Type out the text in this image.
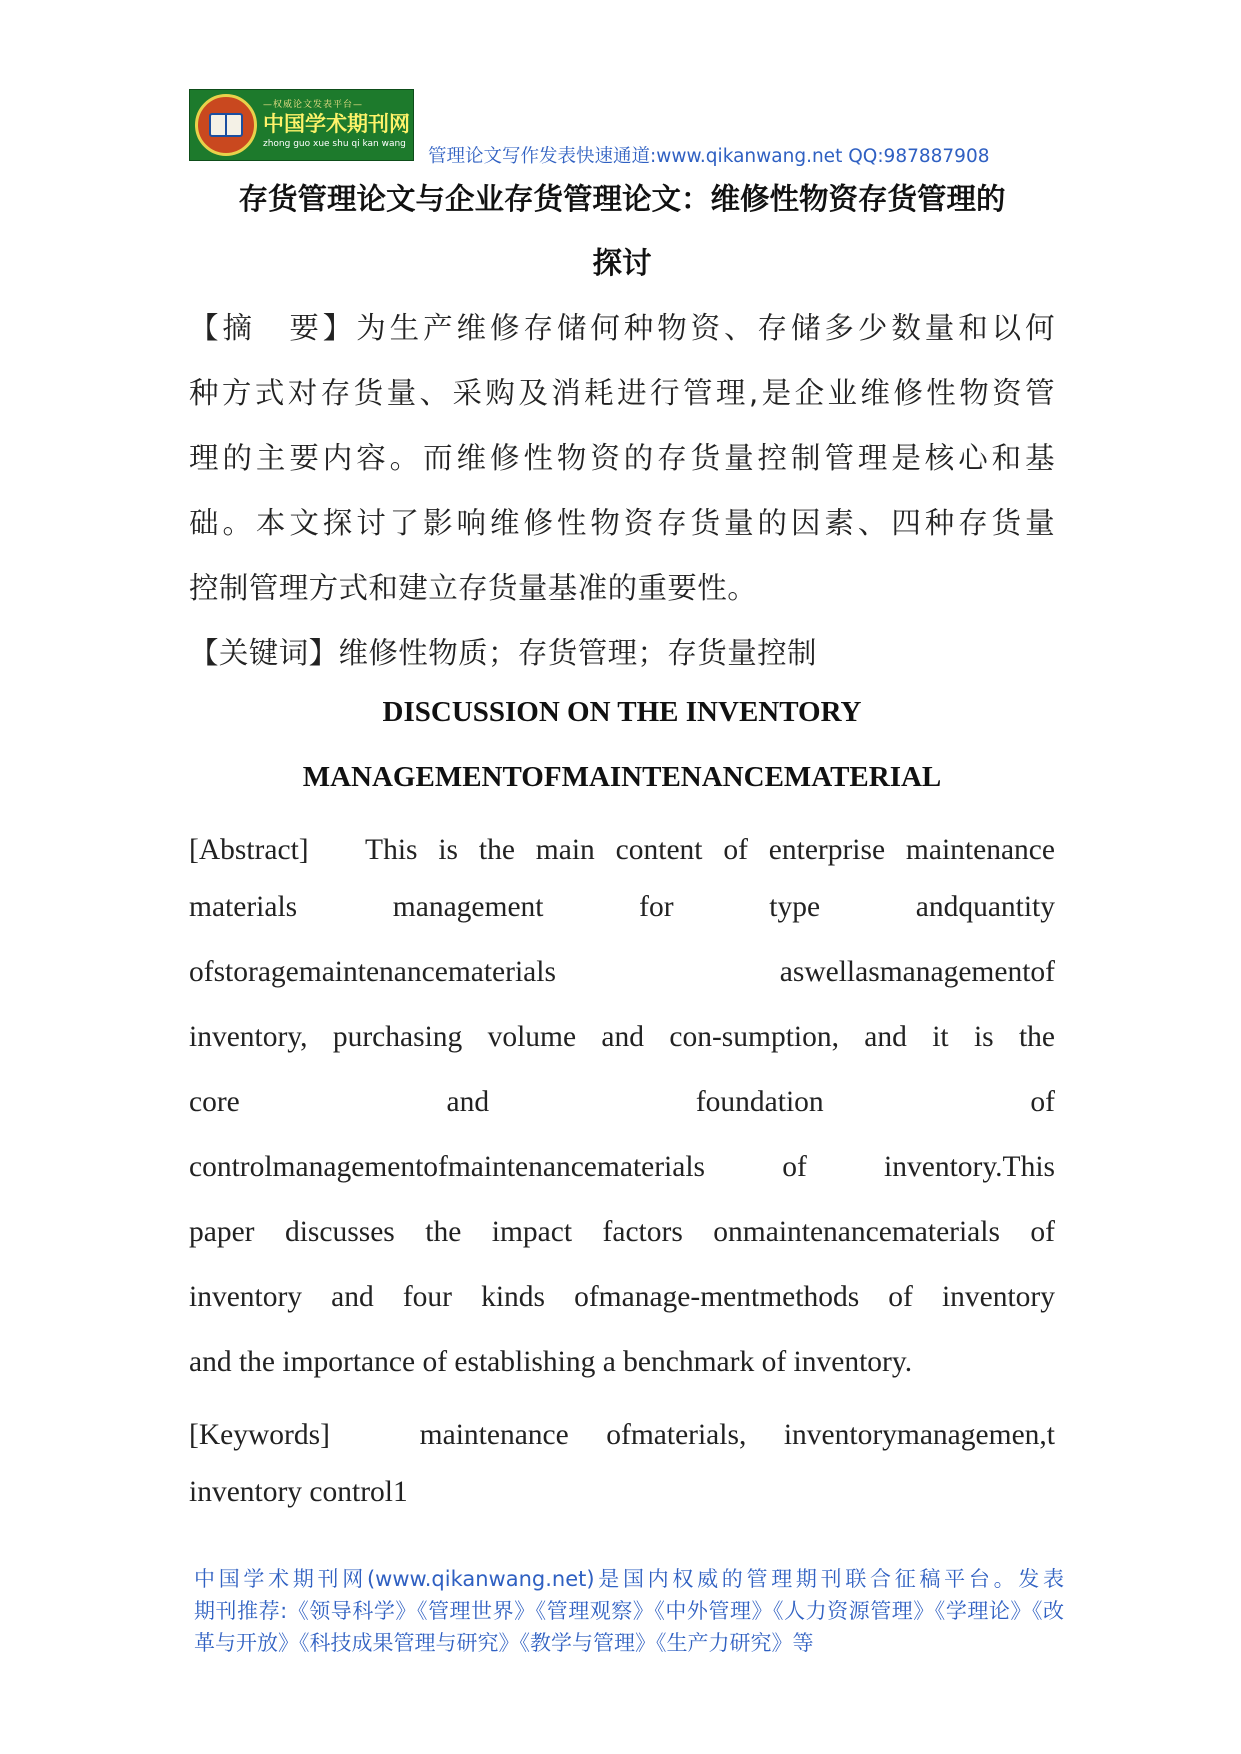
—权威论文发表平台—
中国学术期刊网
zhong guo xue shu qi kan wang
管理论文写作发表快速通道:www.qikanwang.net QQ:987887908
存货管理论文与企业存货管理论文：维修性物资存货管理的
探讨
【摘　要】为生产维修存储何种物资、存储多少数量和以何
种方式对存货量、采购及消耗进行管理,是企业维修性物资管
理的主要内容。而维修性物资的存货量控制管理是核心和基
础。本文探讨了影响维修性物资存货量的因素、四种存货量
控制管理方式和建立存货量基准的重要性。
【关键词】维修性物质；存货管理；存货量控制
DISCUSSION ON THE INVENTORY
MANAGEMENTOFMAINTENANCEMATERIAL
[Abstract]　This is the main content of enterprise maintenance
materials management for type andquantity
ofstoragemaintenancematerials aswellasmanagementof
inventory, purchasing volume and con-sumption, and it is the
core and foundation of
controlmanagementofmaintenancematerials of inventory.This
paper discusses the impact factors onmaintenancematerials of
inventory and four kinds ofmanage-mentmethods of inventory
and the importance of establishing a benchmark of inventory.
[Keywords]　maintenance ofmaterials, inventorymanagemen,t
inventory control1
中国学术期刊网(www.qikanwang.net)是国内权威的管理期刊联合征稿平台。发表
期刊推荐:《领导科学》《管理世界》《管理观察》《中外管理》《人力资源管理》《学理论》《改
革与开放》《科技成果管理与研究》《教学与管理》《生产力研究》等
